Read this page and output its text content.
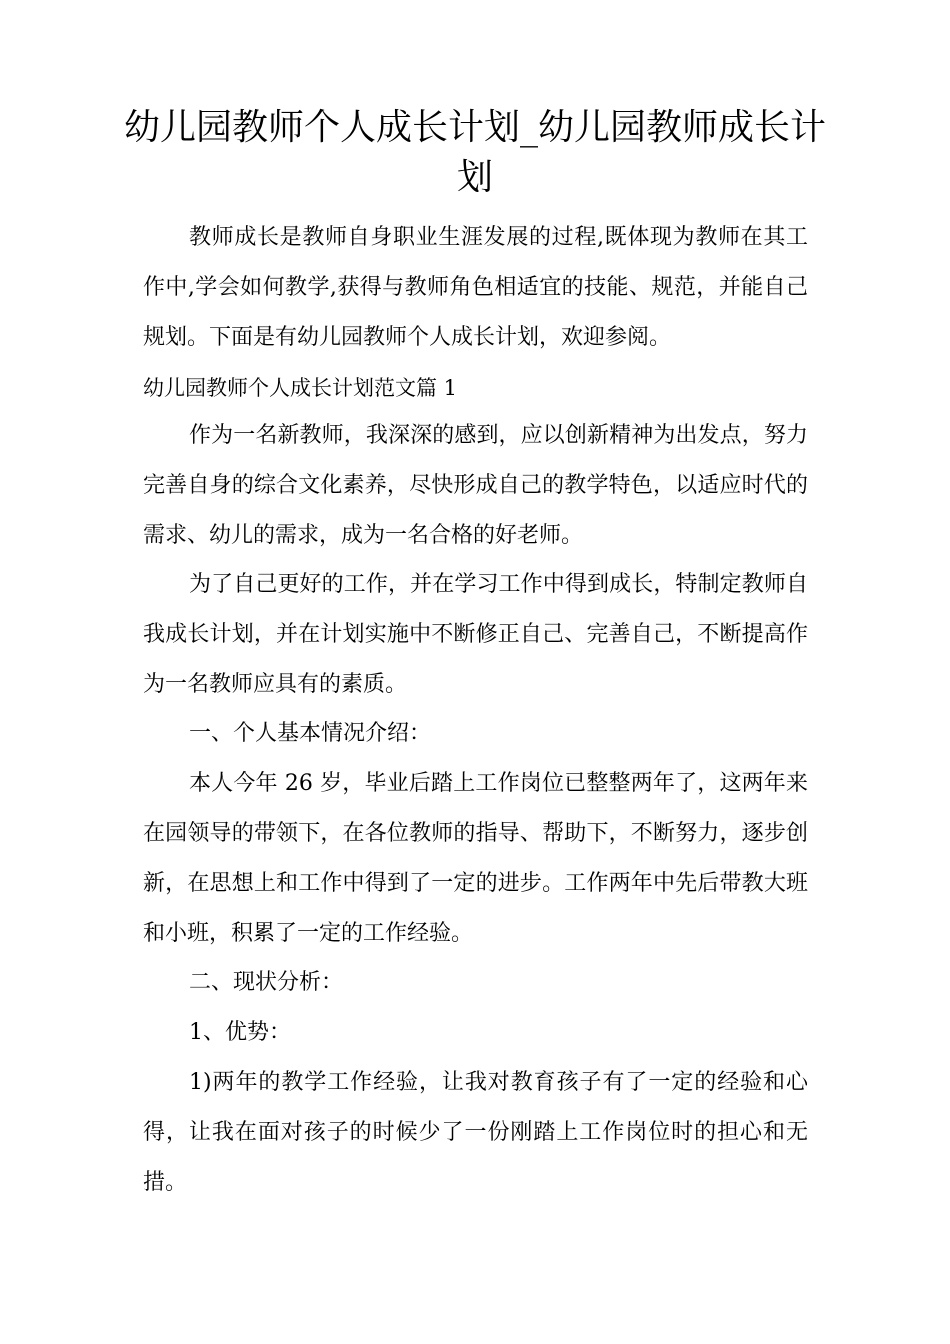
幼儿园教师个人成长计划_幼儿园教师成长计划

教师成长是教师自身职业生涯发展的过程,既体现为教师在其工作中,学会如何教学,获得与教师角色相适宜的技能、规范，并能自己规划。下面是有幼儿园教师个人成长计划，欢迎参阅。

幼儿园教师个人成长计划范文篇 1

作为一名新教师，我深深的感到，应以创新精神为出发点，努力完善自身的综合文化素养，尽快形成自己的教学特色，以适应时代的需求、幼儿的需求，成为一名合格的好老师。

为了自己更好的工作，并在学习工作中得到成长，特制定教师自我成长计划，并在计划实施中不断修正自己、完善自己，不断提高作为一名教师应具有的素质。

一、个人基本情况介绍：

本人今年 26 岁，毕业后踏上工作岗位已整整两年了，这两年来在园领导的带领下，在各位教师的指导、帮助下，不断努力，逐步创新，在思想上和工作中得到了一定的进步。工作两年中先后带教大班和小班，积累了一定的工作经验。

二、现状分析：

1、优势：

1)两年的教学工作经验，让我对教育孩子有了一定的经验和心得，让我在面对孩子的时候少了一份刚踏上工作岗位时的担心和无措。
